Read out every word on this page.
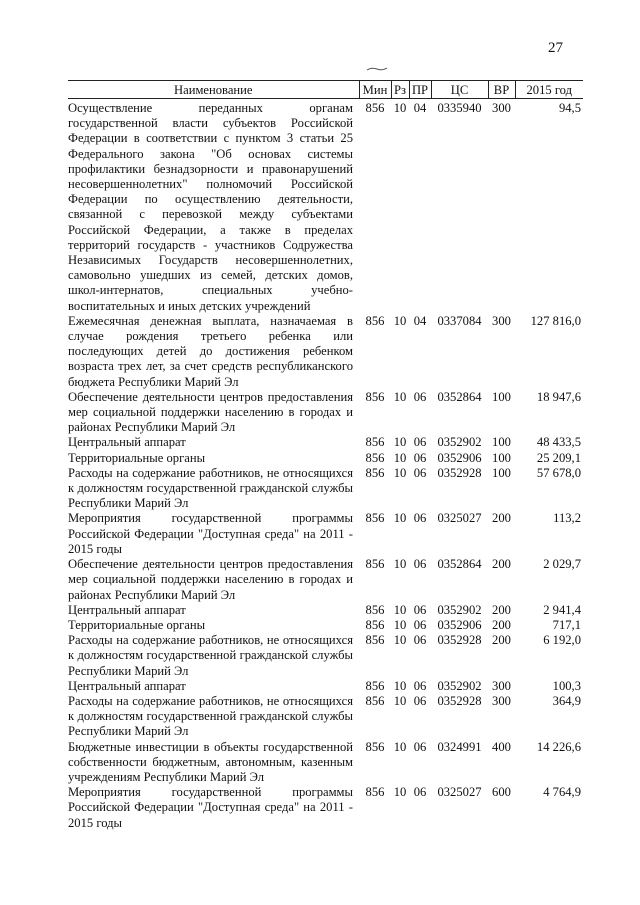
27
Наименование	Мин	Рз	ПР	ЦС	ВР	2015 год
Осуществление переданных органам государственной власти субъектов Российской Федерации в соответствии с пунктом 3 статьи 25 Федерального закона "Об основах системы профилактики безнадзорности и правонарушений несовершеннолетних" полномочий Российской Федерации по осуществлению деятельности, связанной с перевозкой между субъектами Российской Федерации, а также в пределах территорий государств - участников Содружества Независимых Государств несовершеннолетних, самовольно ушедших из семей, детских домов, школ-интернатов, специальных учебно-воспитательных и иных детских учреждений	856	10	04	0335940	300	94,5
Ежемесячная денежная выплата, назначаемая в случае рождения третьего ребенка или последующих детей до достижения ребенком возраста трех лет, за счет средств республиканского бюджета Республики Марий Эл	856	10	04	0337084	300	127 816,0
Обеспечение деятельности центров предоставления мер социальной поддержки населению в городах и районах Республики Марий Эл	856	10	06	0352864	100	18 947,6
Центральный аппарат	856	10	06	0352902	100	48 433,5
Территориальные органы	856	10	06	0352906	100	25 209,1
Расходы на содержание работников, не относящихся к должностям государственной гражданской службы Республики Марий Эл	856	10	06	0352928	100	57 678,0
Мероприятия государственной программы Российской Федерации "Доступная среда" на 2011 - 2015 годы	856	10	06	0325027	200	113,2
Обеспечение деятельности центров предоставления мер социальной поддержки населению в городах и районах Республики Марий Эл	856	10	06	0352864	200	2 029,7
Центральный аппарат	856	10	06	0352902	200	2 941,4
Территориальные органы	856	10	06	0352906	200	717,1
Расходы на содержание работников, не относящихся к должностям государственной гражданской службы Республики Марий Эл	856	10	06	0352928	200	6 192,0
Центральный аппарат	856	10	06	0352902	300	100,3
Расходы на содержание работников, не относящихся к должностям государственной гражданской службы Республики Марий Эл	856	10	06	0352928	300	364,9
Бюджетные инвестиции в объекты государственной собственности бюджетным, автономным, казенным учреждениям Республики Марий Эл	856	10	06	0324991	400	14 226,6
Мероприятия государственной программы Российской Федерации "Доступная среда" на 2011 - 2015 годы	856	10	06	0325027	600	4 764,9
